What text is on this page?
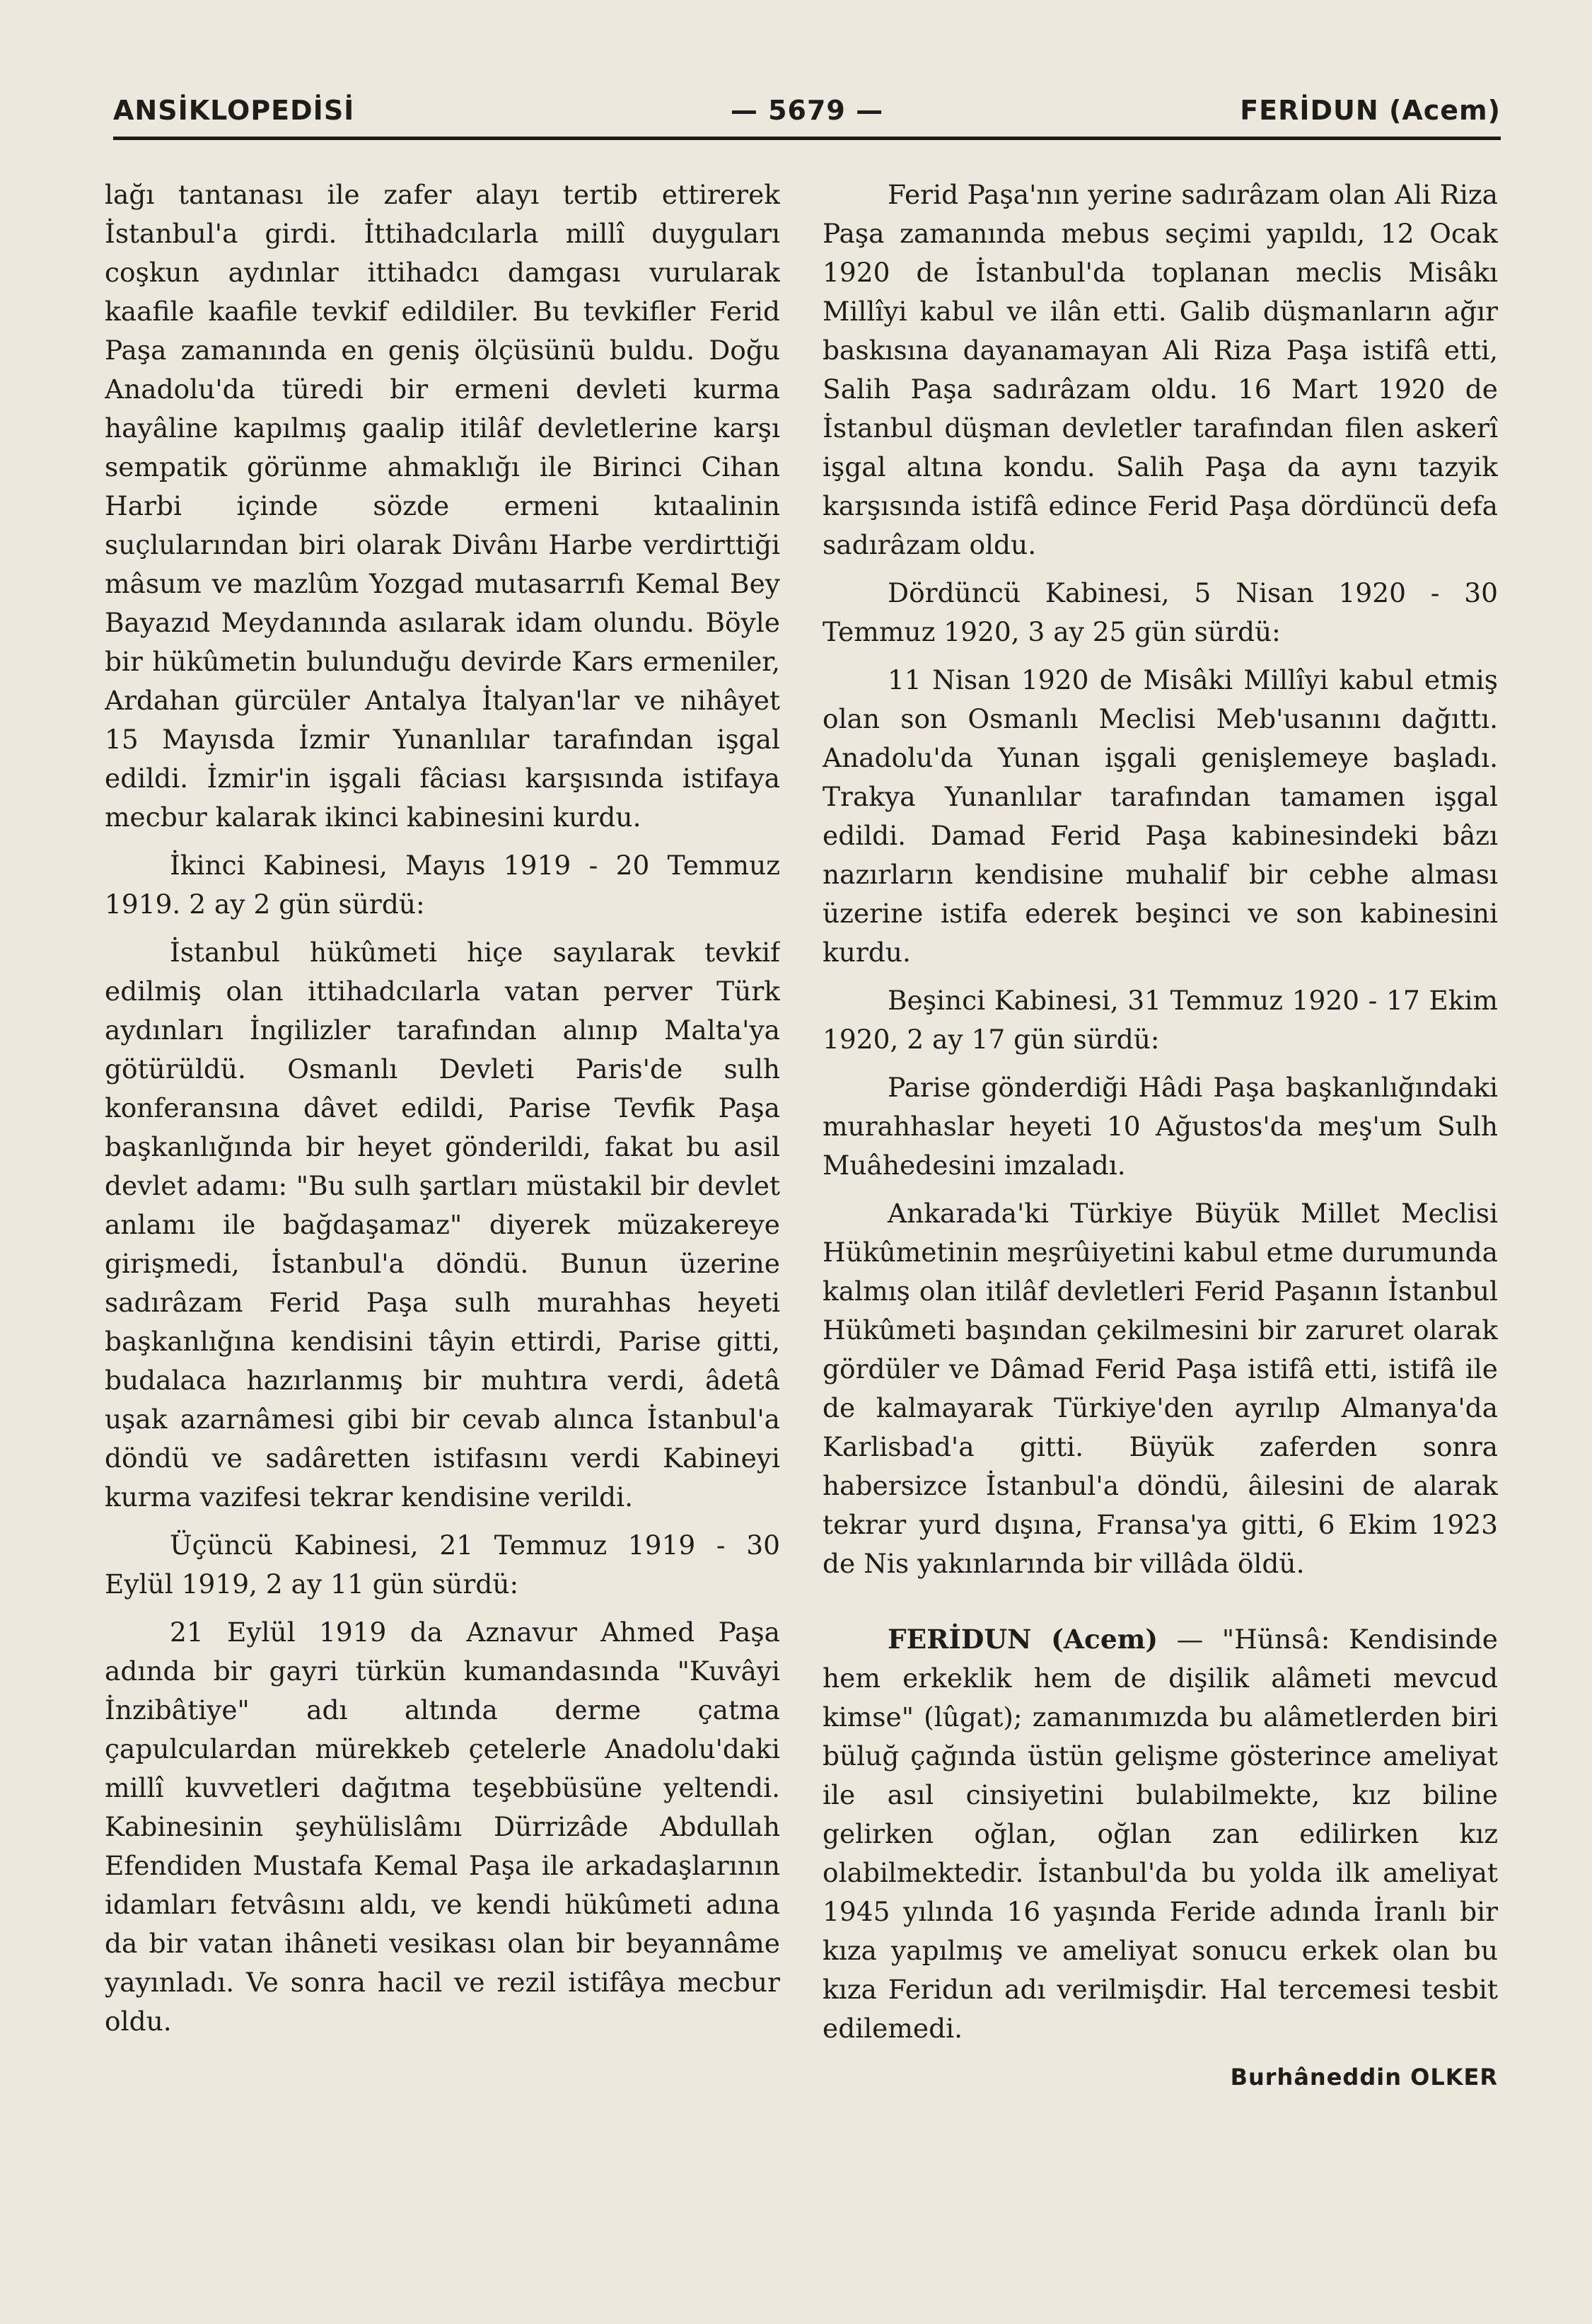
ANSİKLOPEDİSİ	— 5679 —	FERİDUN (Acem)

lağı tantanası ile zafer alayı tertib ettirerek İstanbul'a girdi. İttihadcılarla millî duyguları coşkun aydınlar ittihadcı damgası vurularak kaafile kaafile tevkif edildiler. Bu tevkifler Ferid Paşa zamanında en geniş ölçüsünü buldu. Doğu Anadolu'da türedi bir ermeni devleti kurma hayâline kapılmış gaalip itilâf devletlerine karşı sempatik görünme ahmaklığı ile Birinci Cihan Harbi içinde sözde ermeni kıtaalinin suçlularından biri olarak Divânı Harbe verdirttiği mâsum ve mazlûm Yozgad mutasarrıfı Kemal Bey Bayazıd Meydanında asılarak idam olundu. Böyle bir hükûmetin bulunduğu devirde Kars ermeniler, Ardahan gürcüler Antalya İtalyan'lar ve nihâyet 15 Mayısda İzmir Yunanlılar tarafından işgal edildi. İzmir'in işgali fâciası karşısında istifaya mecbur kalarak ikinci kabinesini kurdu.

İkinci Kabinesi, Mayıs 1919 - 20 Temmuz 1919. 2 ay 2 gün sürdü:

İstanbul hükûmeti hiçe sayılarak tevkif edilmiş olan ittihadcılarla vatan perver Türk aydınları İngilizler tarafından alınıp Malta'ya götürüldü. Osmanlı Devleti Paris'de sulh konferansına dâvet edildi, Parise Tevfik Paşa başkanlığında bir heyet gönderildi, fakat bu asil devlet adamı: "Bu sulh şartları müstakil bir devlet anlamı ile bağdaşamaz" diyerek müzakereye girişmedi, İstanbul'a döndü. Bunun üzerine sadırâzam Ferid Paşa sulh murahhas heyeti başkanlığına kendisini tâyin ettirdi, Parise gitti, budalaca hazırlanmış bir muhtıra verdi, âdetâ uşak azarnâmesi gibi bir cevab alınca İstanbul'a döndü ve sadâretten istifasını verdi Kabineyi kurma vazifesi tekrar kendisine verildi.

Üçüncü Kabinesi, 21 Temmuz 1919 - 30 Eylül 1919, 2 ay 11 gün sürdü:

21 Eylül 1919 da Aznavur Ahmed Paşa adında bir gayri türkün kumandasında "Kuvâyi İnzibâtiye" adı altında derme çatma çapulculardan mürekkeb çetelerle Anadolu'daki millî kuvvetleri dağıtma teşebbüsüne yeltendi. Kabinesinin şeyhülislâmı Dürrizâde Abdullah Efendiden Mustafa Kemal Paşa ile arkadaşlarının idamları fetvâsını aldı, ve kendi hükûmeti adına da bir vatan ihâneti vesikası olan bir beyannâme yayınladı. Ve sonra hacil ve rezil istifâya mecbur oldu.

Ferid Paşa'nın yerine sadırâzam olan Ali Riza Paşa zamanında mebus seçimi yapıldı, 12 Ocak 1920 de İstanbul'da toplanan meclis Misâkı Millîyi kabul ve ilân etti. Galib düşmanların ağır baskısına dayanamayan Ali Riza Paşa istifâ etti, Salih Paşa sadırâzam oldu. 16 Mart 1920 de İstanbul düşman devletler tarafından filen askerî işgal altına kondu. Salih Paşa da aynı tazyik karşısında istifâ edince Ferid Paşa dördüncü defa sadırâzam oldu.

Dördüncü Kabinesi, 5 Nisan 1920 - 30 Temmuz 1920, 3 ay 25 gün sürdü:

11 Nisan 1920 de Misâki Millîyi kabul etmiş olan son Osmanlı Meclisi Meb'usanını dağıttı. Anadolu'da Yunan işgali genişlemeye başladı. Trakya Yunanlılar tarafından tamamen işgal edildi. Damad Ferid Paşa kabinesindeki bâzı nazırların kendisine muhalif bir cebhe alması üzerine istifa ederek beşinci ve son kabinesini kurdu.

Beşinci Kabinesi, 31 Temmuz 1920 - 17 Ekim 1920, 2 ay 17 gün sürdü:

Parise gönderdiği Hâdi Paşa başkanlığındaki murahhaslar heyeti 10 Ağustos'da meş'um Sulh Muâhedesini imzaladı.

Ankarada'ki Türkiye Büyük Millet Meclisi Hükûmetinin meşrûiyetini kabul etme durumunda kalmış olan itilâf devletleri Ferid Paşanın İstanbul Hükûmeti başından çekilmesini bir zaruret olarak gördüler ve Dâmad Ferid Paşa istifâ etti, istifâ ile de kalmayarak Türkiye'den ayrılıp Almanya'da Karlisbad'a gitti. Büyük zaferden sonra habersizce İstanbul'a döndü, âilesini de alarak tekrar yurd dışına, Fransa'ya gitti, 6 Ekim 1923 de Nis yakınlarında bir villâda öldü.

FERİDUN (Acem) — "Hünsâ: Kendisinde hem erkeklik hem de dişilik alâmeti mevcud kimse" (lûgat); zamanımızda bu alâmetlerden biri büluğ çağında üstün gelişme gösterince ameliyat ile asıl cinsiyetini bulabilmekte, kız biline gelirken oğlan, oğlan zan edilirken kız olabilmektedir. İstanbul'da bu yolda ilk ameliyat 1945 yılında 16 yaşında Feride adında İranlı bir kıza yapılmış ve ameliyat sonucu erkek olan bu kıza Feridun adı verilmişdir. Hal tercemesi tesbit edilemedi.

Burhâneddin OLKER
